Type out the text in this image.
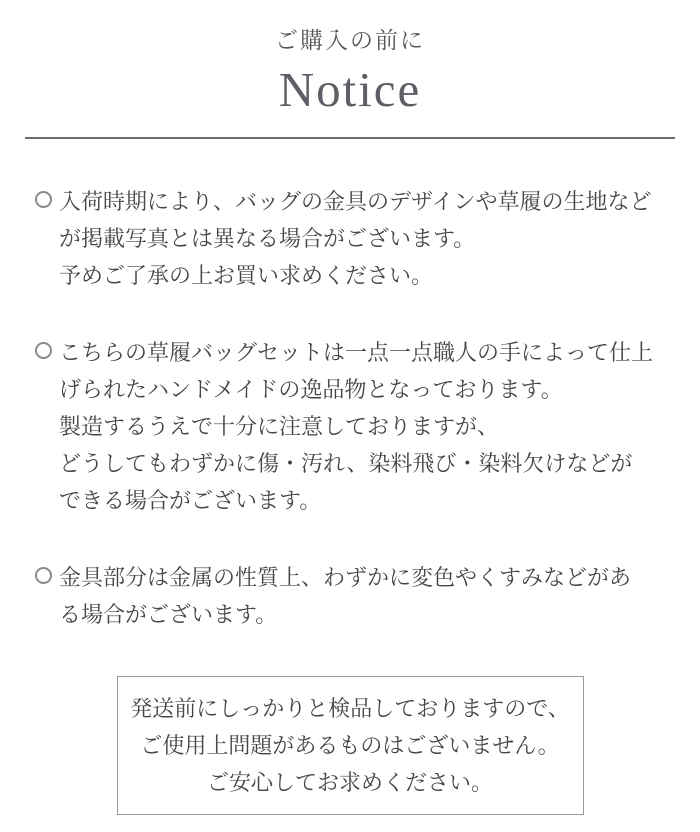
ご購入の前に
Notice

入荷時期により、バッグの金具のデザインや草履の生地など
が掲載写真とは異なる場合がございます。
予めご了承の上お買い求めください。

こちらの草履バッグセットは一点一点職人の手によって仕上
げられたハンドメイドの逸品物となっております。
製造するうえで十分に注意しておりますが、
どうしてもわずかに傷・汚れ、染料飛び・染料欠けなどが
できる場合がございます。

金具部分は金属の性質上、わずかに変色やくすみなどがあ
る場合がございます。

発送前にしっかりと検品しておりますので、
ご使用上問題があるものはございません。
ご安心してお求めください。
